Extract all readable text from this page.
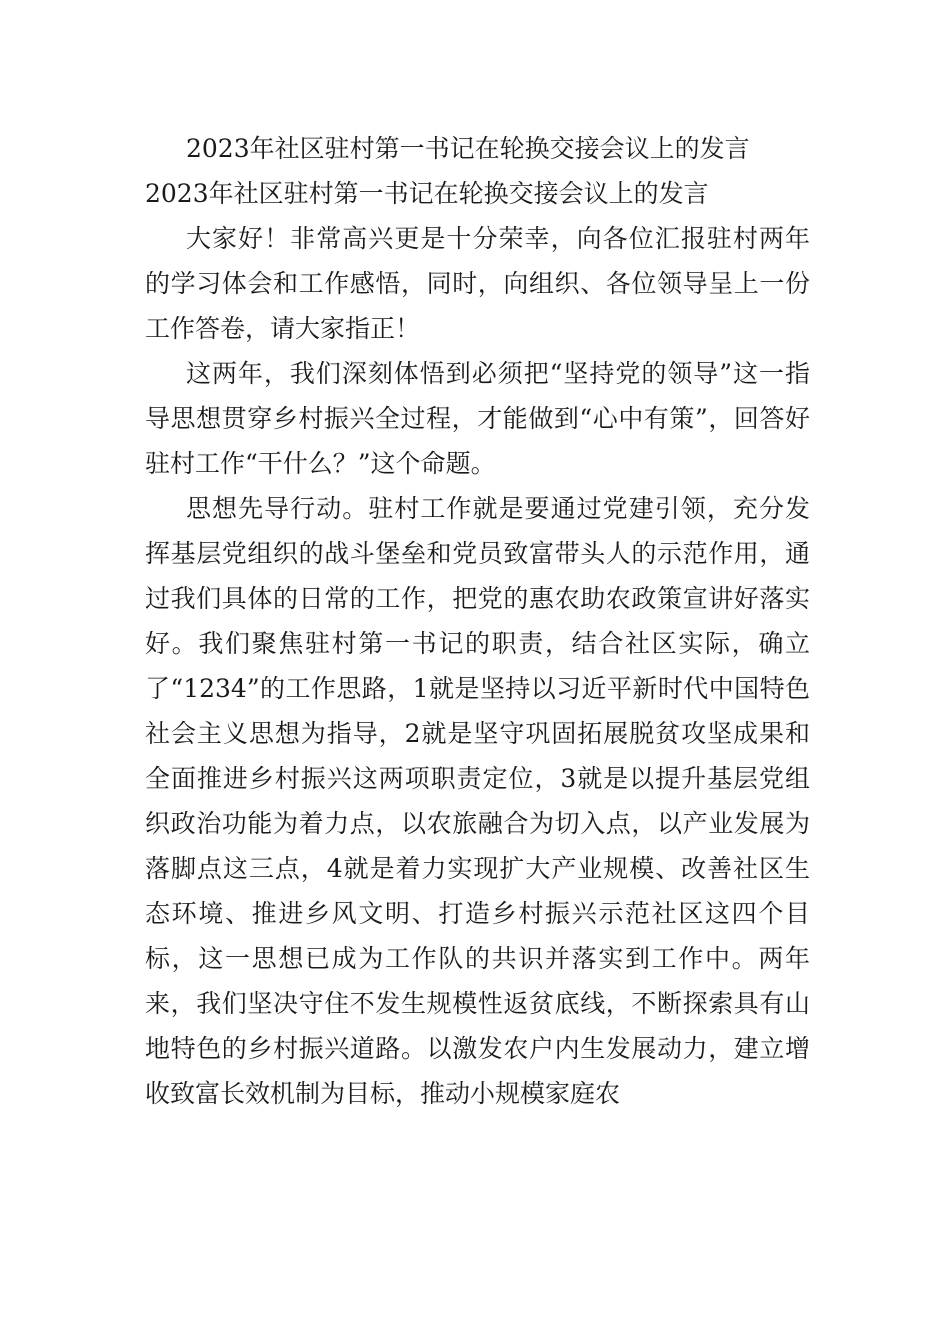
2023年社区驻村第一书记在轮换交接会议上的发言

2023年社区驻村第一书记在轮换交接会议上的发言

大家好！非常高兴更是十分荣幸，向各位汇报驻村两年的学习体会和工作感悟，同时，向组织、各位领导呈上一份工作答卷，请大家指正！

这两年，我们深刻体悟到必须把“坚持党的领导”这一指导思想贯穿乡村振兴全过程，才能做到“心中有策”，回答好驻村工作“干什么？”这个命题。

思想先导行动。驻村工作就是要通过党建引领，充分发挥基层党组织的战斗堡垒和党员致富带头人的示范作用，通过我们具体的日常的工作，把党的惠农助农政策宣讲好落实好。我们聚焦驻村第一书记的职责，结合社区实际，确立了“1234”的工作思路，1就是坚持以习近平新时代中国特色社会主义思想为指导，2就是坚守巩固拓展脱贫攻坚成果和全面推进乡村振兴这两项职责定位，3就是以提升基层党组织政治功能为着力点，以农旅融合为切入点，以产业发展为落脚点这三点，4就是着力实现扩大产业规模、改善社区生态环境、推进乡风文明、打造乡村振兴示范社区这四个目标，这一思想已成为工作队的共识并落实到工作中。两年来，我们坚决守住不发生规模性返贫底线，不断探索具有山地特色的乡村振兴道路。以激发农户内生发展动力，建立增收致富长效机制为目标，推动小规模家庭农
